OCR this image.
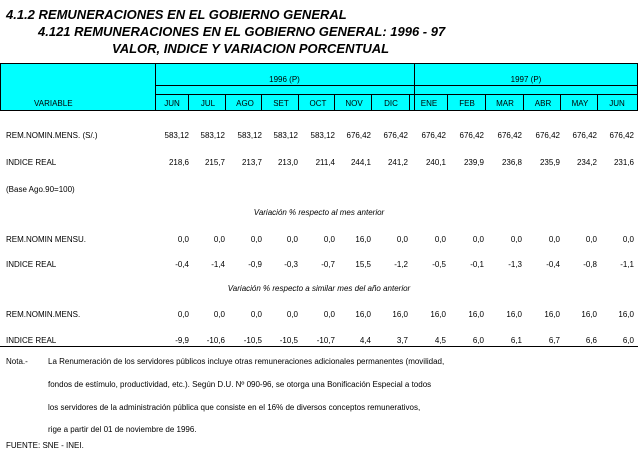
4.1.2 REMUNERACIONES EN EL GOBIERNO GENERAL
4.121 REMUNERACIONES EN EL GOBIERNO GENERAL: 1996 - 97
VALOR, INDICE Y VARIACION PORCENTUAL
VARIABLE
1996 (P)	1997 (P)
JUN	JUL	AGO	SET	OCT	NOV	DIC	ENE	FEB	MAR	ABR	MAY	JUN
REM.NOMIN.MENS. (S/.)	583,12	583,12	583,12	583,12	583,12	676,42	676,42	676,42	676,42	676,42	676,42	676,42	676,42
INDICE REAL	218,6	215,7	213,7	213,0	211,4	244,1	241,2	240,1	239,9	236,8	235,9	234,2	231,6
REM.NOMIN MENSU.	0,0	0,0	0,0	0,0	0,0	16,0	0,0	0,0	0,0	0,0	0,0	0,0	0,0
INDICE REAL	-0,4	-1,4	-0,9	-0,3	-0,7	15,5	-1,2	-0,5	-0,1	-1,3	-0,4	-0,8	-1,1
REM.NOMIN.MENS.	0,0	0,0	0,0	0,0	0,0	16,0	16,0	16,0	16,0	16,0	16,0	16,0	16,0
INDICE REAL	-9,9	-10,6	-10,5	-10,5	-10,7	4,4	3,7	4,5	6,0	6,1	6,7	6,6	6,0
(Base Ago.90=100)
Variación % respecto al mes anterior
Variación % respecto a similar mes del año anterior
Nota.-	La Renumeración de los servidores públicos incluye otras remuneraciones adicionales permanentes (movilidad,
fondos de estímulo, productividad, etc.). Según D.U. Nº 090-96, se otorga una Bonificación Especial a todos
los servidores de la administración pública que consiste en el 16% de diversos conceptos remunerativos,
rige a partir del 01 de noviembre de 1996.
FUENTE: SNE - INEI.
